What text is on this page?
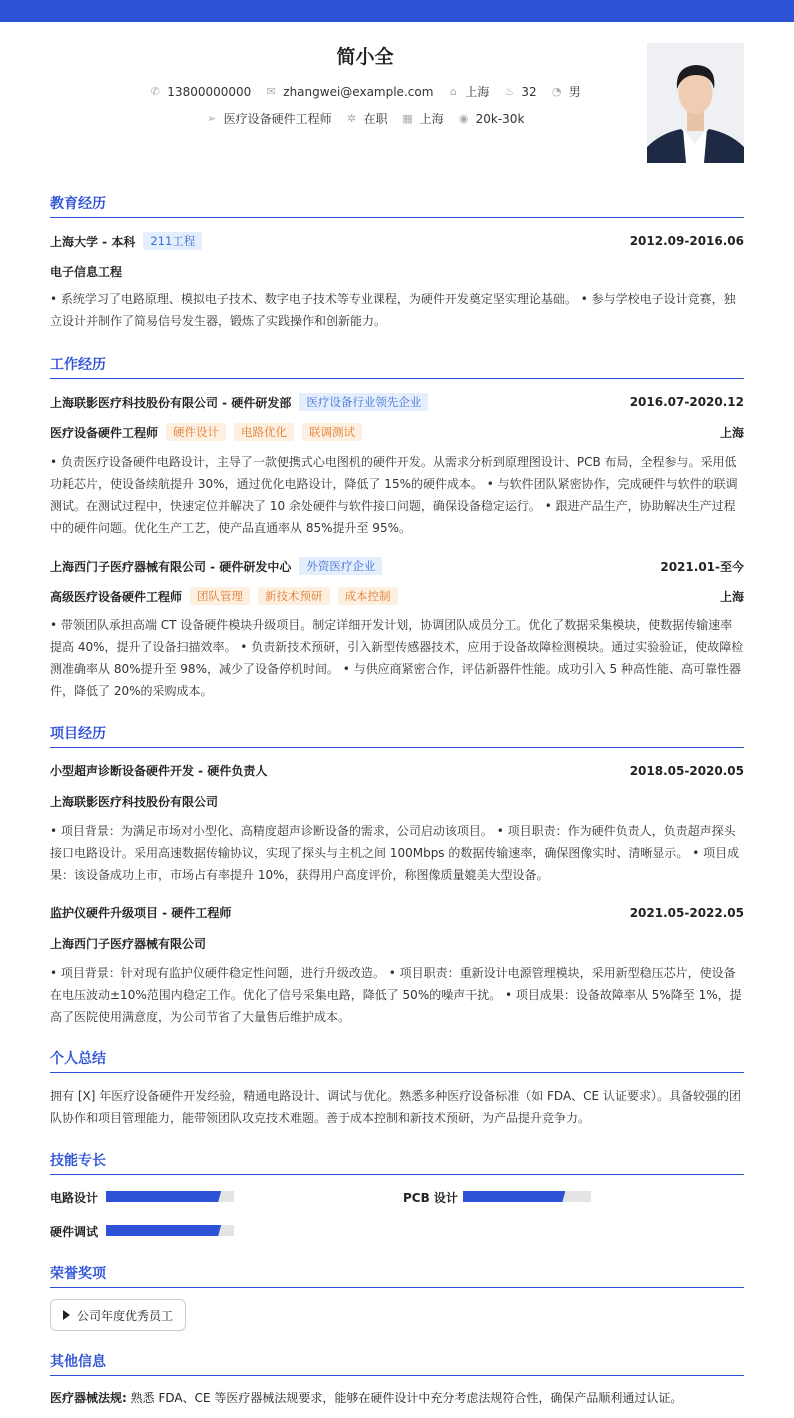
简小全
✆ 13800000000 ✉ zhangwei@example.com ⌂ 上海 ♨ 32 ◔ 男
➢ 医疗设备硬件工程师 ✲ 在职 ▦ 上海 ◉ 20k-30k
教育经历
上海大学 - 本科	211工程	2012.09-2016.06
电子信息工程
• 系统学习了电路原理、模拟电子技术、数字电子技术等专业课程，为硬件开发奠定坚实理论基础。 • 参与学校电子设计竞赛，独立设计并制作了简易信号发生器，锻炼了实践操作和创新能力。
工作经历
上海联影医疗科技股份有限公司 - 硬件研发部	医疗设备行业领先企业	2016.07-2020.12
医疗设备硬件工程师	硬件设计	电路优化	联调测试	上海
• 负责医疗设备硬件电路设计，主导了一款便携式心电图机的硬件开发。从需求分析到原理图设计、PCB 布局，全程参与。采用低功耗芯片，使设备续航提升 30%，通过优化电路设计，降低了 15%的硬件成本。 • 与软件团队紧密协作，完成硬件与软件的联调测试。在测试过程中，快速定位并解决了 10 余处硬件与软件接口问题，确保设备稳定运行。 • 跟进产品生产，协助解决生产过程中的硬件问题。优化生产工艺，使产品直通率从 85%提升至 95%。
上海西门子医疗器械有限公司 - 硬件研发中心	外资医疗企业	2021.01-至今
高级医疗设备硬件工程师	团队管理	新技术预研	成本控制	上海
• 带领团队承担高端 CT 设备硬件模块升级项目。制定详细开发计划，协调团队成员分工。优化了数据采集模块，使数据传输速率提高 40%，提升了设备扫描效率。 • 负责新技术预研，引入新型传感器技术，应用于设备故障检测模块。通过实验验证，使故障检测准确率从 80%提升至 98%，减少了设备停机时间。 • 与供应商紧密合作，评估新器件性能。成功引入 5 种高性能、高可靠性器件，降低了 20%的采购成本。
项目经历
小型超声诊断设备硬件开发 - 硬件负责人	2018.05-2020.05
上海联影医疗科技股份有限公司
• 项目背景：为满足市场对小型化、高精度超声诊断设备的需求，公司启动该项目。 • 项目职责：作为硬件负责人，负责超声探头接口电路设计。采用高速数据传输协议，实现了探头与主机之间 100Mbps 的数据传输速率，确保图像实时、清晰显示。 • 项目成果：该设备成功上市，市场占有率提升 10%，获得用户高度评价，称图像质量媲美大型设备。
监护仪硬件升级项目 - 硬件工程师	2021.05-2022.05
上海西门子医疗器械有限公司
• 项目背景：针对现有监护仪硬件稳定性问题，进行升级改造。 • 项目职责：重新设计电源管理模块，采用新型稳压芯片，使设备在电压波动±10%范围内稳定工作。优化了信号采集电路，降低了 50%的噪声干扰。 • 项目成果：设备故障率从 5%降至 1%，提高了医院使用满意度，为公司节省了大量售后维护成本。
个人总结
拥有 [X] 年医疗设备硬件开发经验，精通电路设计、调试与优化。熟悉多种医疗设备标准（如 FDA、CE 认证要求）。具备较强的团队协作和项目管理能力，能带领团队攻克技术难题。善于成本控制和新技术预研，为产品提升竞争力。
技能专长
电路设计	PCB 设计
硬件调试
荣誉奖项
公司年度优秀员工
其他信息
医疗器械法规: 熟悉 FDA、CE 等医疗器械法规要求，能够在硬件设计中充分考虑法规符合性，确保产品顺利通过认证。
